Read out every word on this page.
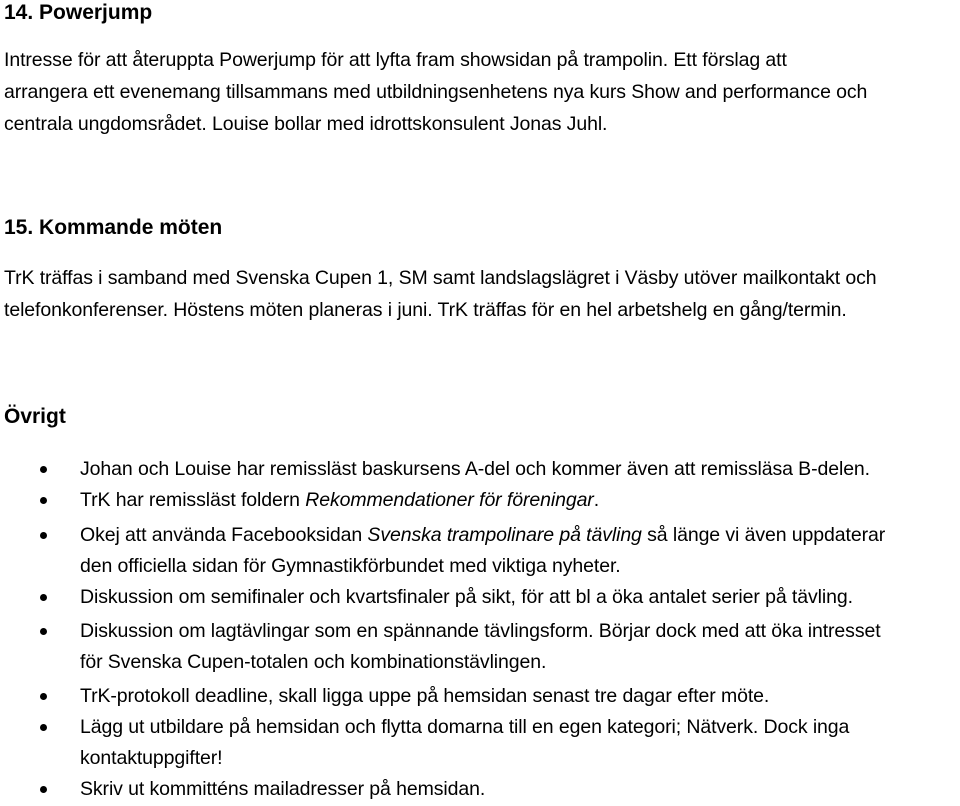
14. Powerjump
Intresse för att återuppta Powerjump för att lyfta fram showsidan på trampolin. Ett förslag att
arrangera ett evenemang tillsammans med utbildningsenhetens nya kurs Show and performance och
centrala ungdomsrådet. Louise bollar med idrottskonsulent Jonas Juhl.
15. Kommande möten
TrK träffas i samband med Svenska Cupen 1, SM samt landslagslägret i Väsby utöver mailkontakt och
telefonkonferenser. Höstens möten planeras i juni. TrK träffas för en hel arbetshelg en gång/termin.
Övrigt
Johan och Louise har remissläst baskursens A-del och kommer även att remissläsa B-delen.
TrK har remissläst foldern Rekommendationer för föreningar.
Okej att använda Facebooksidan Svenska trampolinare på tävling så länge vi även uppdaterar
den officiella sidan för Gymnastikförbundet med viktiga nyheter.
Diskussion om semifinaler och kvartsfinaler på sikt, för att bl a öka antalet serier på tävling.
Diskussion om lagtävlingar som en spännande tävlingsform. Börjar dock med att öka intresset
för Svenska Cupen-totalen och kombinationstävlingen.
TrK-protokoll deadline, skall ligga uppe på hemsidan senast tre dagar efter möte.
Lägg ut utbildare på hemsidan och flytta domarna till en egen kategori; Nätverk. Dock inga
kontaktuppgifter!
Skriv ut kommitténs mailadresser på hemsidan.
